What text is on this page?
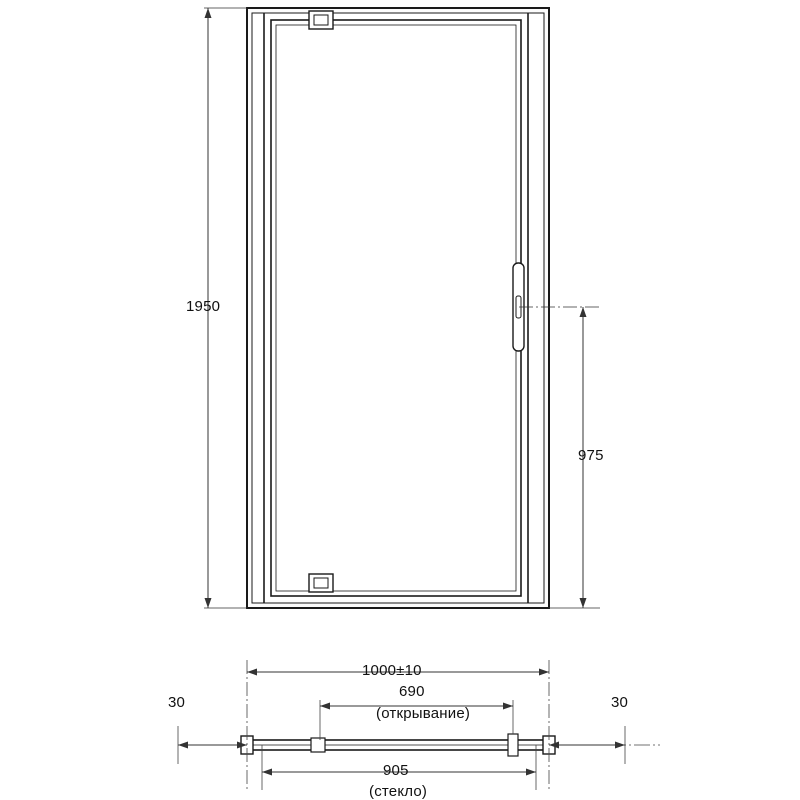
1950
975
1000±10
690
(открывание)
905
(стекло)
30	30
